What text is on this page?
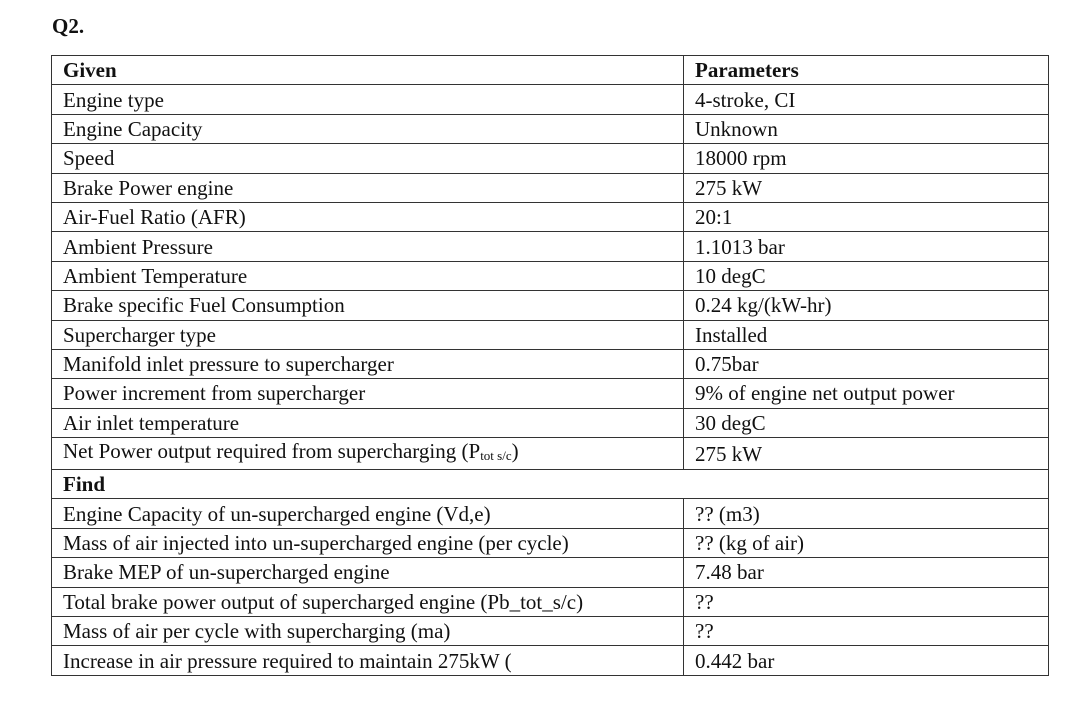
Q2.
Given	Parameters
Engine type	4-stroke, CI
Engine Capacity	Unknown
Speed	18000 rpm
Brake Power engine	275 kW
Air-Fuel Ratio (AFR)	20:1
Ambient Pressure	1.1013 bar
Ambient Temperature	10 degC
Brake specific Fuel Consumption	0.24 kg/(kW-hr)
Supercharger type	Installed
Manifold inlet pressure to supercharger	0.75bar
Power increment from supercharger	9% of engine net output power
Air inlet temperature	30 degC
Net Power output required from supercharging (Ptot s/c)	275 kW
Find	
Engine Capacity of un-supercharged engine (Vd,e)	?? (m3)
Mass of air injected into un-supercharged engine (per cycle)	?? (kg of air)
Brake MEP of un-supercharged engine	7.48 bar
Total brake power output of supercharged engine (Pb_tot_s/c)	??
Mass of air per cycle with supercharging (ma)	??
Increase in air pressure required to maintain 275kW (	0.442 bar
